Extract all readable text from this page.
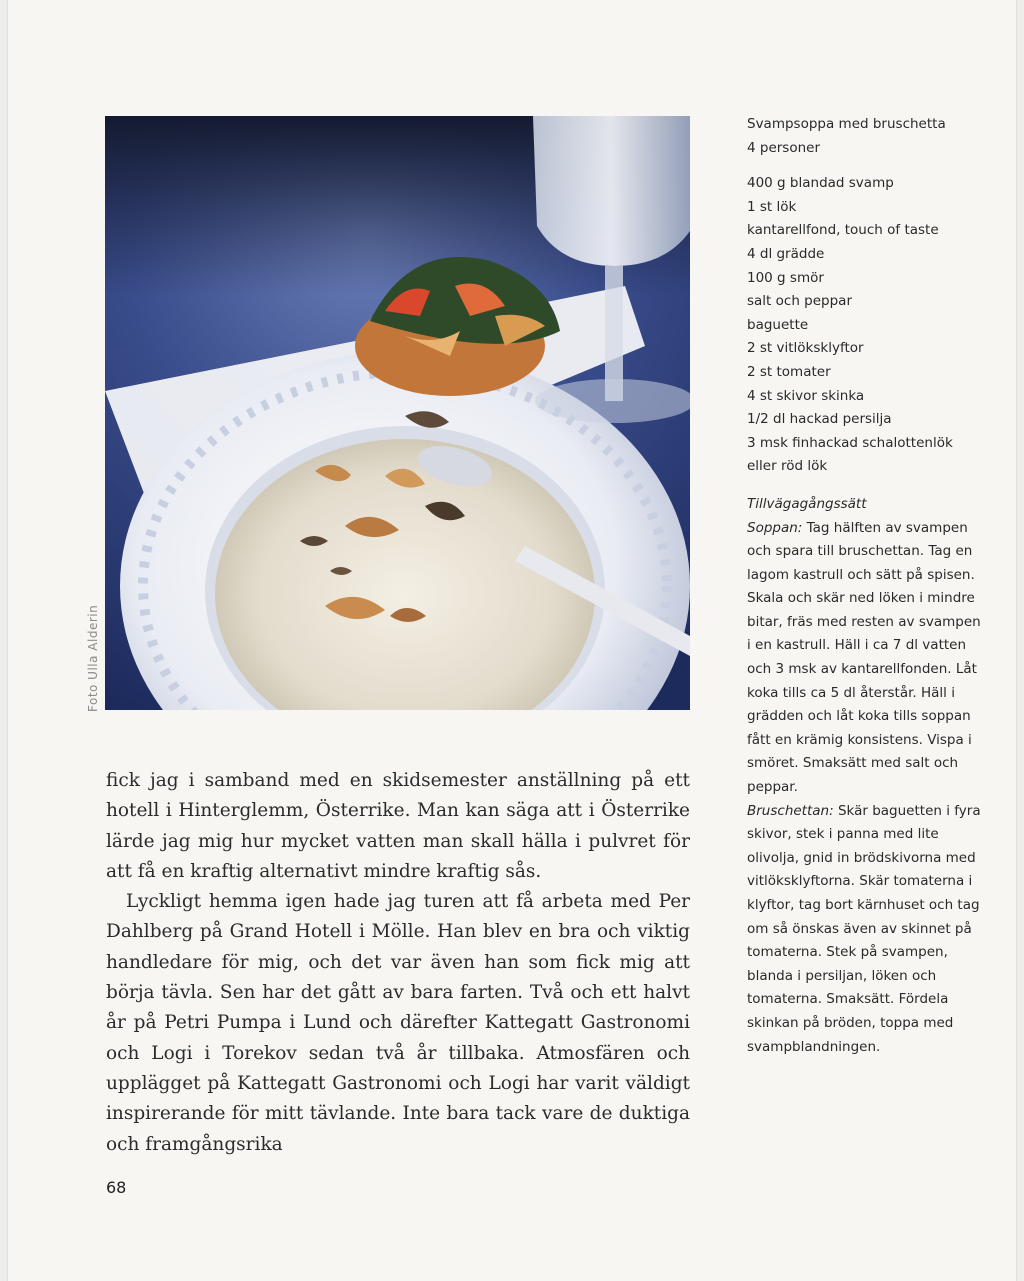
Foto Ulla Alderin

fick jag i samband med en skidsemester anställning på ett hotell i Hinterglemm, Österrike. Man kan säga att i Österrike lärde jag mig hur mycket vatten man skall hälla i pulvret för att få en kraftig alternativt mindre kraftig sås.

Lyckligt hemma igen hade jag turen att få arbeta med Per Dahlberg på Grand Hotell i Mölle. Han blev en bra och viktig handledare för mig, och det var även han som fick mig att börja tävla. Sen har det gått av bara farten. Två och ett halvt år på Petri Pumpa i Lund och därefter Kattegatt Gastronomi och Logi i Torekov sedan två år tillbaka. Atmosfären och upplägget på Kattegatt Gastronomi och Logi har varit väldigt inspirerande för mitt tävlande. Inte bara tack vare de duktiga och framgångsrika

Svampsoppa med bruschetta
4 personer
400 g blandad svamp
1 st lök
kantarellfond, touch of taste
4 dl grädde
100 g smör
salt och peppar
baguette
2 st vitlöksklyftor
2 st tomater
4 st skivor skinka
1/2 dl hackad persilja
3 msk finhackad schalottenlök
eller röd lök
Tillvägagångssätt

Soppan: Tag hälften av svampen och spara till bruschettan. Tag en lagom kastrull och sätt på spisen. Skala och skär ned löken i mindre bitar, fräs med resten av svampen i en kastrull. Häll i ca 7 dl vatten och 3 msk av kantarellfonden. Låt koka tills ca 5 dl återstår. Häll i grädden och låt koka tills soppan fått en krämig konsistens. Vispa i smöret. Smaksätt med salt och peppar.

Bruschettan: Skär baguetten i fyra skivor, stek i panna med lite olivolja, gnid in brödskivorna med vitlöksklyftorna. Skär tomaterna i klyftor, tag bort kärnhuset och tag om så önskas även av skinnet på tomaterna. Stek på svampen, blanda i persiljan, löken och tomaterna. Smaksätt. Fördela skinkan på bröden, toppa med svampblandningen.

68
